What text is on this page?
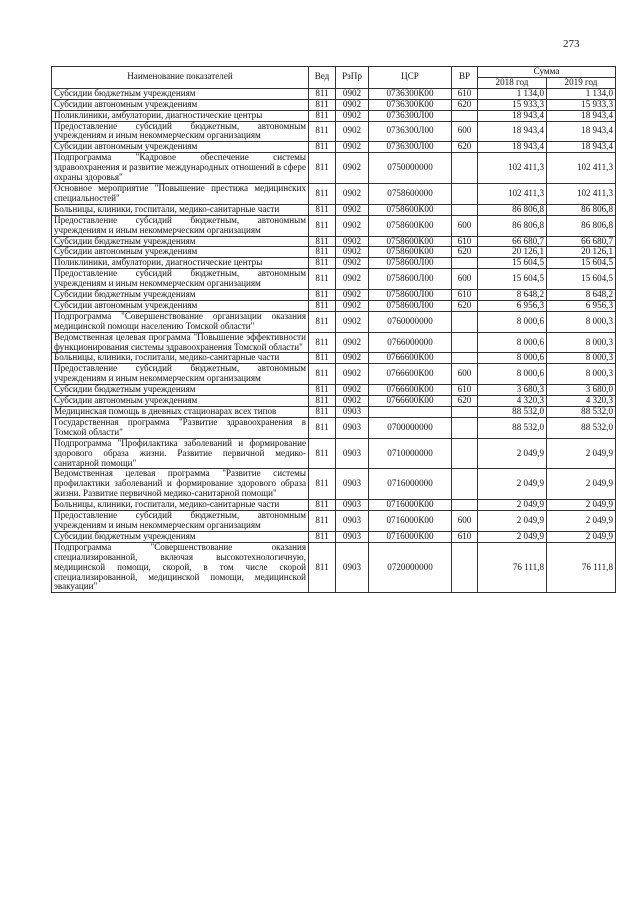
273
Наименование показателей	Вед	РзПр	ЦСР	ВР	Сумма	
					2018 год	2019 год
Субсидии бюджетным учреждениям	811	0902	0736300К00	610	1 134,0	1 134,0
Субсидии автономным учреждениям	811	0902	0736300К00	620	15 933,3	15 933,3
Поликлиники, амбулатории, диагностические центры	811	0902	0736300Л00		18 943,4	18 943,4
Предоставление субсидий бюджетным, автономным учреждениям и иным некоммерческим организациям	811	0902	0736300Л00	600	18 943,4	18 943,4
Субсидии автономным учреждениям	811	0902	0736300Л00	620	18 943,4	18 943,4
Подпрограмма "Кадровое обеспечение системы здравоохранения и развитие международных отношений в сфере охраны здоровья"	811	0902	0750000000		102 411,3	102 411,3
Основное мероприятие "Повышение престижа медицинских специальностей"	811	0902	0758600000		102 411,3	102 411,3
Больницы, клиники, госпитали, медико-санитарные части	811	0902	0758600К00		86 806,8	86 806,8
Предоставление субсидий бюджетным, автономным учреждениям и иным некоммерческим организациям	811	0902	0758600К00	600	86 806,8	86 806,8
Субсидии бюджетным учреждениям	811	0902	0758600К00	610	66 680,7	66 680,7
Субсидии автономным учреждениям	811	0902	0758600К00	620	20 126,1	20 126,1
Поликлиники, амбулатории, диагностические центры	811	0902	0758600Л00		15 604,5	15 604,5
Предоставление субсидий бюджетным, автономным учреждениям и иным некоммерческим организациям	811	0902	0758600Л00	600	15 604,5	15 604,5
Субсидии бюджетным учреждениям	811	0902	0758600Л00	610	8 648,2	8 648,2
Субсидии автономным учреждениям	811	0902	0758600Л00	620	6 956,3	6 956,3
Подпрограмма "Совершенствование организации оказания медицинской помощи населению Томской области"	811	0902	0760000000		8 000,6	8 000,3
Ведомственная целевая программа "Повышение эффективности функционирования системы здравоохранения Томской области"	811	0902	0766000000		8 000,6	8 000,3
Больницы, клиники, госпитали, медико-санитарные части	811	0902	0766600К00		8 000,6	8 000,3
Предоставление субсидий бюджетным, автономным учреждениям и иным некоммерческим организациям	811	0902	0766600К00	600	8 000,6	8 000,3
Субсидии бюджетным учреждениям	811	0902	0766600К00	610	3 680,3	3 680,0
Субсидии автономным учреждениям	811	0902	0766600К00	620	4 320,3	4 320,3
Медицинская помощь в дневных стационарах всех типов	811	0903			88 532,0	88 532,0
Государственная программа "Развитие здравоохранения в Томской области"	811	0903	0700000000		88 532,0	88 532,0
Подпрограмма "Профилактика заболеваний и формирование здорового образа жизни. Развитие первичной медико-санитарной помощи"	811	0903	0710000000		2 049,9	2 049,9
Ведомственная целевая программа "Развитие системы профилактики заболеваний и формирование здорового образа жизни. Развитие первичной медико-санитарной помощи"	811	0903	0716000000		2 049,9	2 049,9
Больницы, клиники, госпитали, медико-санитарные части	811	0903	0716000К00		2 049,9	2 049,9
Предоставление субсидий бюджетным, автономным учреждениям и иным некоммерческим организациям	811	0903	0716000К00	600	2 049,9	2 049,9
Субсидии бюджетным учреждениям	811	0903	0716000К00	610	2 049,9	2 049,9
Подпрограмма "Совершенствование оказания специализированной, включая высокотехнологичную, медицинской помощи, скорой, в том числе скорой специализированной, медицинской помощи, медицинской эвакуации"	811	0903	0720000000		76 111,8	76 111,8
